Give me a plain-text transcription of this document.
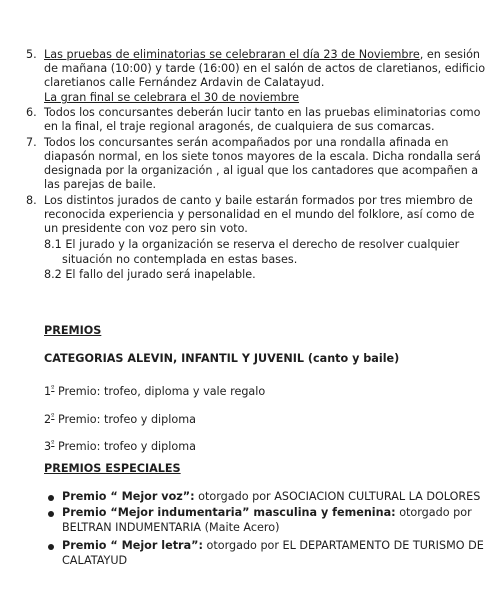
5. Las pruebas de eliminatorias se celebraran el día 23 de Noviembre, en sesión
de mañana (10:00) y tarde (16:00) en el salón de actos de claretianos, edificio
claretianos calle Fernández Ardavin de Calatayud.
La gran final se celebrara el 30 de noviembre
6. Todos los concursantes deberán lucir tanto en las pruebas eliminatorias como
en la final, el traje regional aragonés, de cualquiera de sus comarcas.
7. Todos los concursantes serán acompañados por una rondalla afinada en
diapasón normal, en los siete tonos mayores de la escala. Dicha rondalla será
designada por la organización , al igual que los cantadores que acompañen a
las parejas de baile.
8. Los distintos jurados de canto y baile estarán formados por tres miembro de
reconocida experiencia y personalidad en el mundo del folklore, así como de
un presidente con voz pero sin voto.
8.1 El jurado y la organización se reserva el derecho de resolver cualquier
situación no contemplada en estas bases.
8.2 El fallo del jurado será inapelable.
PREMIOS
CATEGORIAS ALEVIN, INFANTIL Y JUVENIL (canto y baile)
$1^º$ Premio: trofeo, diploma y vale regalo
$2^º$ Premio: trofeo y diploma
$3^º$ Premio: trofeo y diploma
PREMIOS ESPECIALES
Premio “ Mejor voz”: otorgado por ASOCIACION CULTURAL LA DOLORES
Premio “Mejor indumentaria” masculina y femenina: otorgado por
BELTRAN INDUMENTARIA (Maite Acero)
Premio “ Mejor letra”: otorgado por EL DEPARTAMENTO DE TURISMO DE
CALATAYUD
